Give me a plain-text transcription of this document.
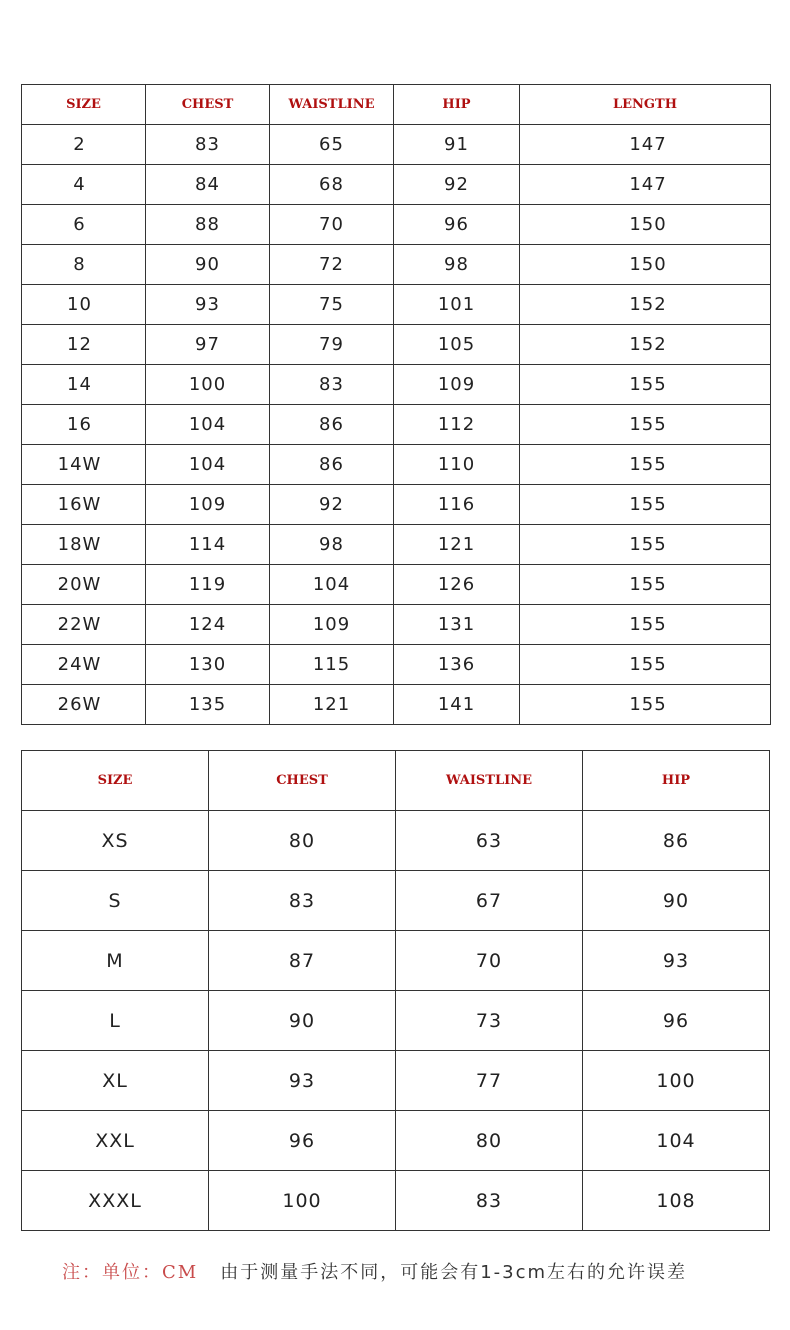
SIZE	CHEST	WAISTLINE	HIP	LENGTH
2	83	65	91	147
4	84	68	92	147
6	88	70	96	150
8	90	72	98	150
10	93	75	101	152
12	97	79	105	152
14	100	83	109	155
16	104	86	112	155
14W	104	86	110	155
16W	109	92	116	155
18W	114	98	121	155
20W	119	104	126	155
22W	124	109	131	155
24W	130	115	136	155
26W	135	121	141	155
SIZE	CHEST	WAISTLINE	HIP
XS	80	63	86
S	83	67	90
M	87	70	93
L	90	73	96
XL	93	77	100
XXL	96	80	104
XXXL	100	83	108
注：单位：CM 由于测量手法不同，可能会有1-3cm左右的允许误差
